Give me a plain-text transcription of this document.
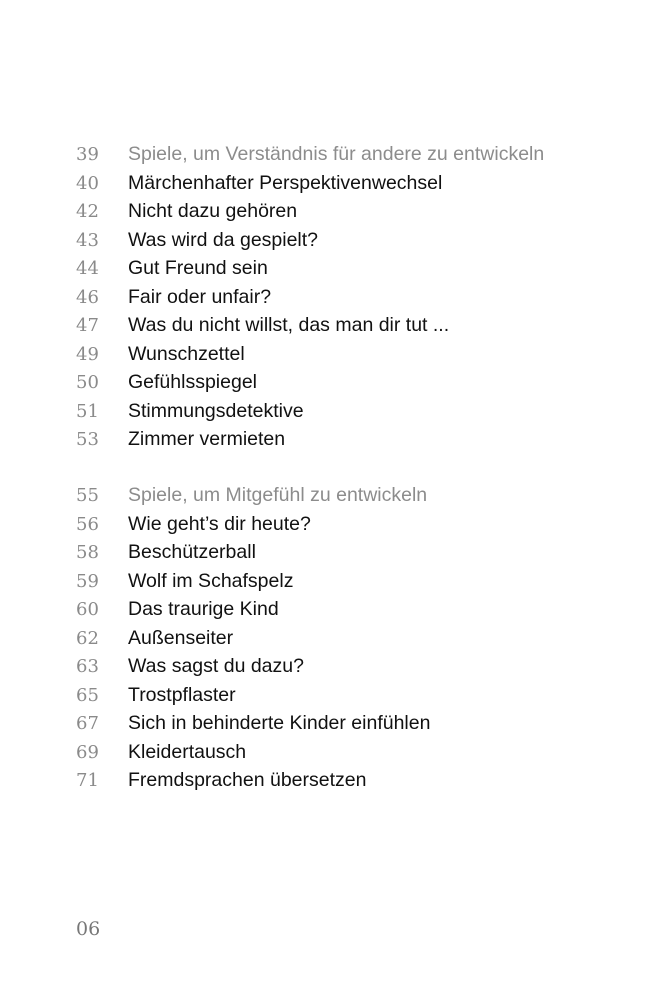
39	Spiele, um Verständnis für andere zu entwickeln
40	Märchenhafter Perspektivenwechsel
42	Nicht dazu gehören
43	Was wird da gespielt?
44	Gut Freund sein
46	Fair oder unfair?
47	Was du nicht willst, das man dir tut ...
49	Wunschzettel
50	Gefühlsspiegel
51	Stimmungsdetektive
53	Zimmer vermieten
55	Spiele, um Mitgefühl zu entwickeln
56	Wie geht’s dir heute?
58	Beschützerball
59	Wolf im Schafspelz
60	Das traurige Kind
62	Außenseiter
63	Was sagst du dazu?
65	Trostpflaster
67	Sich in behinderte Kinder einfühlen
69	Kleidertausch
71	Fremdsprachen übersetzen
06
